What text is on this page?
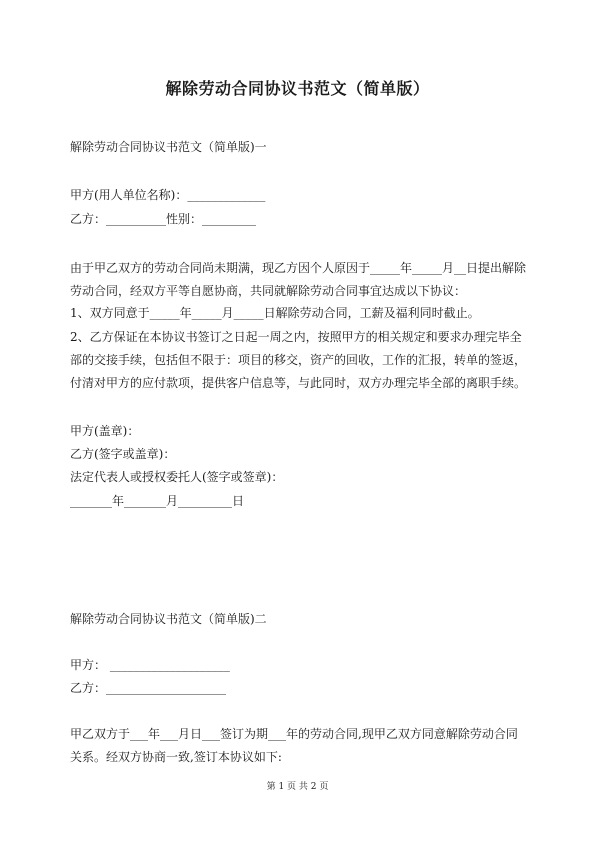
解除劳动合同协议书范文（简单版）
解除劳动合同协议书范文（简单版)一
甲方(用人单位名称)：_____________
乙方：__________性别：_________
由于甲乙双方的劳动合同尚未期满，现乙方因个人原因于_____年_____月__日提出解除
劳动合同，经双方平等自愿协商，共同就解除劳动合同事宜达成以下协议：
1、双方同意于_____年_____月_____日解除劳动合同，工薪及福利同时截止。
2、乙方保证在本协议书签订之日起一周之内，按照甲方的相关规定和要求办理完毕全
部的交接手续，包括但不限于：项目的移交，资产的回收，工作的汇报，转单的签返，
付清对甲方的应付款项，提供客户信息等，与此同时，双方办理完毕全部的离职手续。
甲方(盖章)：
乙方(签字或盖章)：
法定代表人或授权委托人(签字或签章)：
_______年_______月_________日
解除劳动合同协议书范文（简单版)二
甲方： ____________________
乙方：____________________
甲乙双方于___年___月日___签订为期___年的劳动合同,现甲乙双方同意解除劳动合同
关系。经双方协商一致,签订本协议如下:
第 1 页 共 2 页
